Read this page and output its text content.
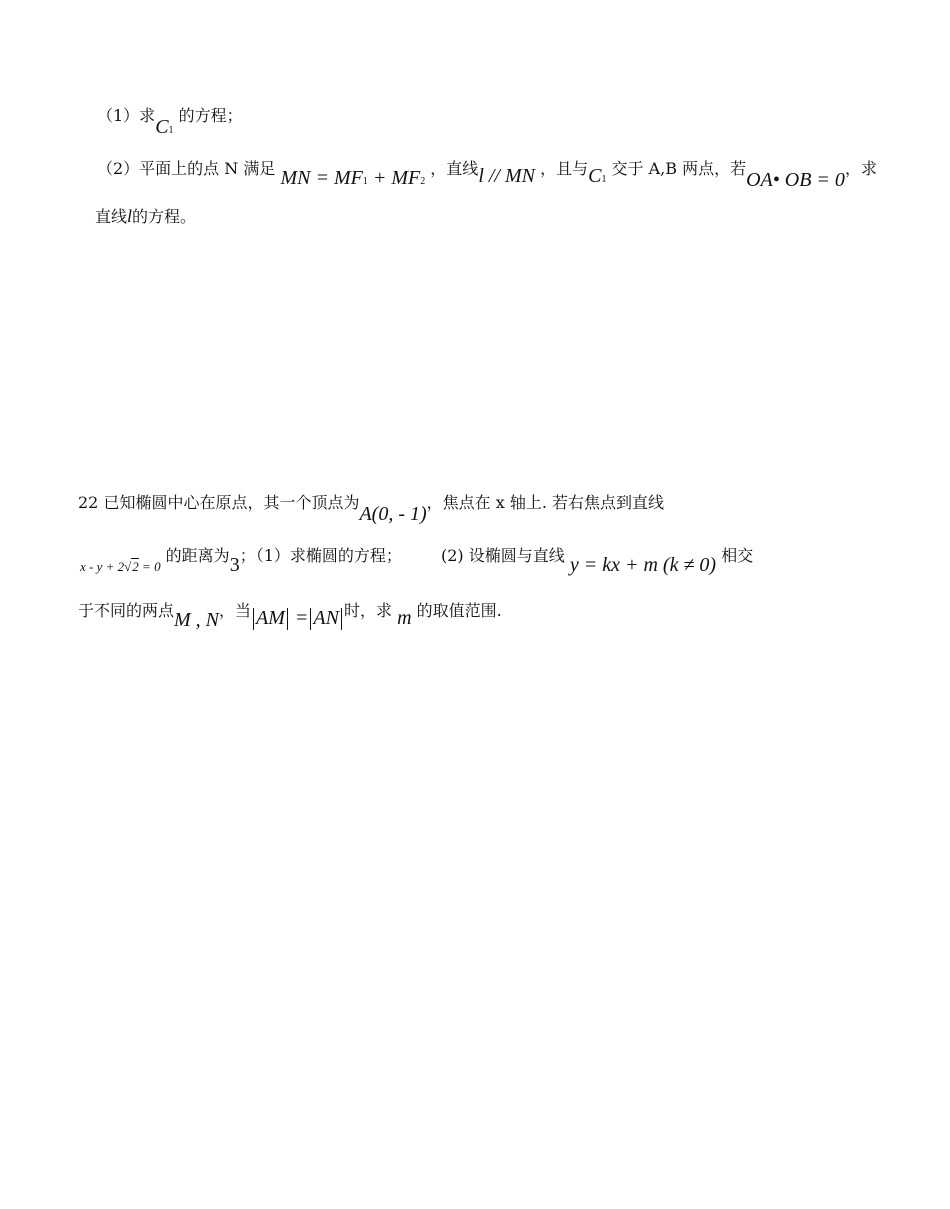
（1）求C1 的方程；
（2）平面上的点 N 满足 MN = MF1 + MF2 ，直线l // MN ，且与C1 交于 A,B 两点，若OA• OB = 0，求
直线l的方程。
22 已知椭圆中心在原点，其一个顶点为A(0, - 1)，焦点在 x 轴上. 若右焦点到直线
$_{x - y + 2√2 = 0}$ 的距离为3；（1）求椭圆的方程； (2) 设椭圆与直线 y = kx + m (k ≠ 0) 相交
于不同的两点M , N，当 AM = AN 时，求 m 的取值范围.
